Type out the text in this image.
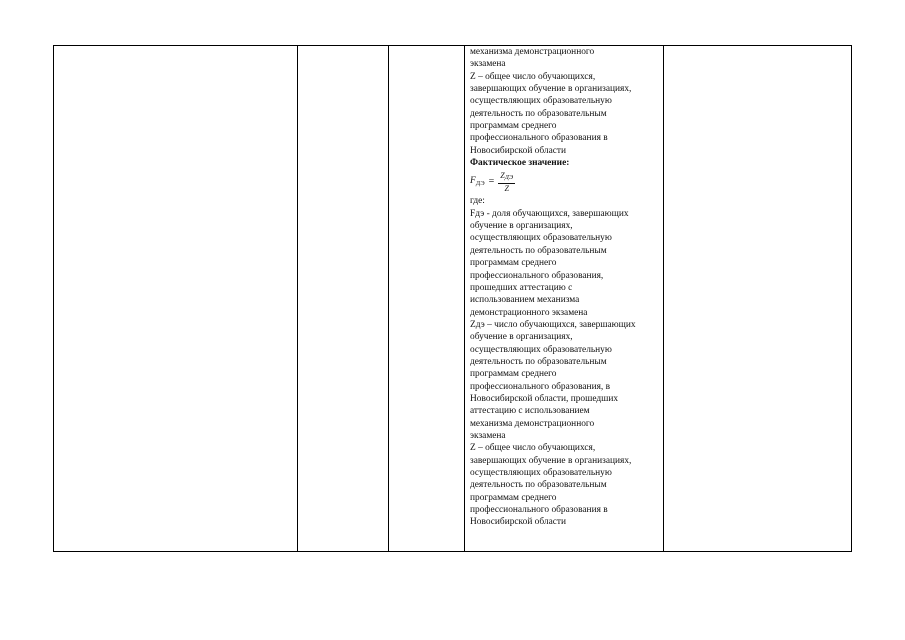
механизма демонстрационного
экзамена
Z – общее число обучающихся,
завершающих обучение в организациях,
осуществляющих образовательную
деятельность по образовательным
программам среднего
профессионального образования в
Новосибирской области
Фактическое значение:
$F_{ДЭ} = \frac{\text{ZДЭ}}{Z}$
где:
Fдэ - доля обучающихся, завершающих
обучение в организациях,
осуществляющих образовательную
деятельность по образовательным
программам среднего
профессионального образования,
прошедших аттестацию с
использованием механизма
демонстрационного экзамена
Zдэ – число обучающихся, завершающих
обучение в организациях,
осуществляющих образовательную
деятельность по образовательным
программам среднего
профессионального образования, в
Новосибирской области, прошедших
аттестацию с использованием
механизма демонстрационного
экзамена
Z – общее число обучающихся,
завершающих обучение в организациях,
осуществляющих образовательную
деятельность по образовательным
программам среднего
профессионального образования в
Новосибирской области
